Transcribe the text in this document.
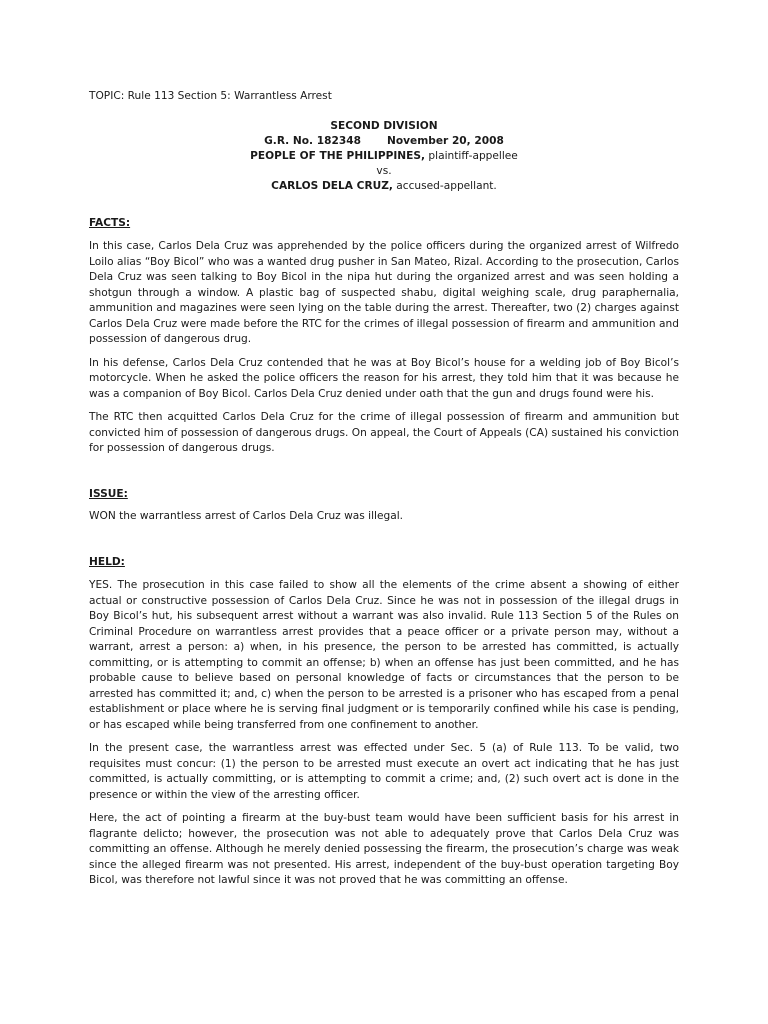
TOPIC: Rule 113 Section 5: Warrantless Arrest
SECOND DIVISION
G.R. No. 182348 November 20, 2008
PEOPLE OF THE PHILIPPINES, plaintiff-appellee
vs.
CARLOS DELA CRUZ, accused-appellant.
FACTS:

In this case, Carlos Dela Cruz was apprehended by the police officers during the organized arrest of Wilfredo Loilo alias “Boy Bicol” who was a wanted drug pusher in San Mateo, Rizal. According to the prosecution, Carlos Dela Cruz was seen talking to Boy Bicol in the nipa hut during the organized arrest and was seen holding a shotgun through a window. A plastic bag of suspected shabu, digital weighing scale, drug paraphernalia, ammunition and magazines were seen lying on the table during the arrest. Thereafter, two (2) charges against Carlos Dela Cruz were made before the RTC for the crimes of illegal possession of firearm and ammunition and possession of dangerous drug.

In his defense, Carlos Dela Cruz contended that he was at Boy Bicol’s house for a welding job of Boy Bicol’s motorcycle. When he asked the police officers the reason for his arrest, they told him that it was because he was a companion of Boy Bicol. Carlos Dela Cruz denied under oath that the gun and drugs found were his.

The RTC then acquitted Carlos Dela Cruz for the crime of illegal possession of firearm and ammunition but convicted him of possession of dangerous drugs. On appeal, the Court of Appeals (CA) sustained his conviction for possession of dangerous drugs.

ISSUE:

WON the warrantless arrest of Carlos Dela Cruz was illegal.

HELD:

YES. The prosecution in this case failed to show all the elements of the crime absent a showing of either actual or constructive possession of Carlos Dela Cruz. Since he was not in possession of the illegal drugs in Boy Bicol’s hut, his subsequent arrest without a warrant was also invalid. Rule 113 Section 5 of the Rules on Criminal Procedure on warrantless arrest provides that a peace officer or a private person may, without a warrant, arrest a person: a) when, in his presence, the person to be arrested has committed, is actually committing, or is attempting to commit an offense; b) when an offense has just been committed, and he has probable cause to believe based on personal knowledge of facts or circumstances that the person to be arrested has committed it; and, c) when the person to be arrested is a prisoner who has escaped from a penal establishment or place where he is serving final judgment or is temporarily confined while his case is pending, or has escaped while being transferred from one confinement to another.

In the present case, the warrantless arrest was effected under Sec. 5 (a) of Rule 113. To be valid, two requisites must concur: (1) the person to be arrested must execute an overt act indicating that he has just committed, is actually committing, or is attempting to commit a crime; and, (2) such overt act is done in the presence or within the view of the arresting officer.

Here, the act of pointing a firearm at the buy-bust team would have been sufficient basis for his arrest in flagrante delicto; however, the prosecution was not able to adequately prove that Carlos Dela Cruz was committing an offense. Although he merely denied possessing the firearm, the prosecution’s charge was weak since the alleged firearm was not presented. His arrest, independent of the buy-bust operation targeting Boy Bicol, was therefore not lawful since it was not proved that he was committing an offense.
